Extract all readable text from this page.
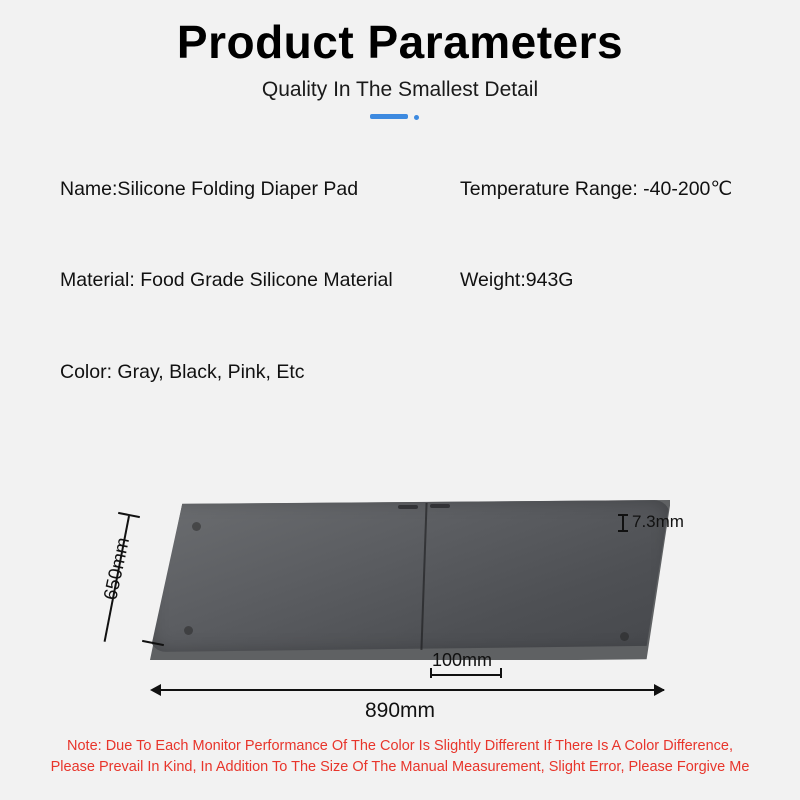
Product Parameters
Quality In The Smallest Detail
Name:Silicone Folding Diaper Pad	Temperature Range: -40-200℃
Material: Food Grade Silicone Material	Weight:943G
Color: Gray, Black, Pink, Etc
650mm
7.3mm
100mm
890mm
Note: Due To Each Monitor Performance Of The Color Is Slightly Different If There Is A Color Difference,
Please Prevail In Kind, In Addition To The Size Of The Manual Measurement, Slight Error, Please Forgive Me
